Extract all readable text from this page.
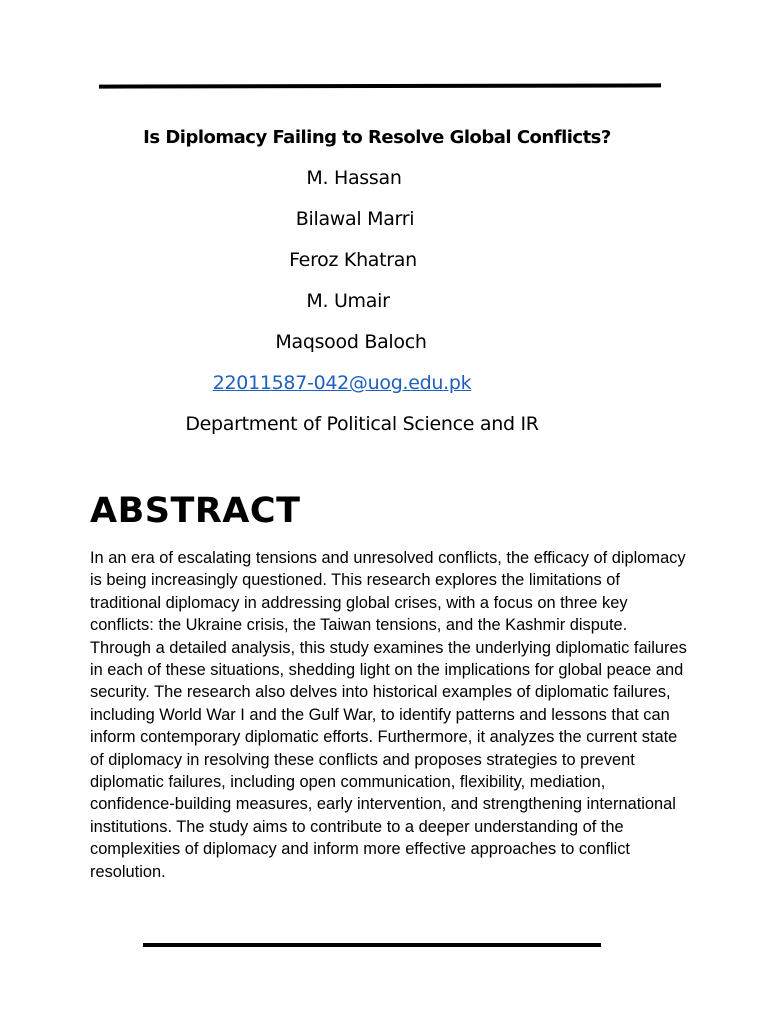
Is Diplomacy Failing to Resolve Global Conflicts?
M. Hassan
Bilawal Marri
Feroz Khatran
M. Umair
Maqsood Baloch
22011587-042@uog.edu.pk
Department of Political Science and IR
ABSTRACT

In an era of escalating tensions and unresolved conflicts, the efficacy of diplomacy is being increasingly questioned. This research explores the limitations of traditional diplomacy in addressing global crises, with a focus on three key conflicts: the Ukraine crisis, the Taiwan tensions, and the Kashmir dispute. Through a detailed analysis, this study examines the underlying diplomatic failures in each of these situations, shedding light on the implications for global peace and security. The research also delves into historical examples of diplomatic failures, including World War I and the Gulf War, to identify patterns and lessons that can inform contemporary diplomatic efforts. Furthermore, it analyzes the current state of diplomacy in resolving these conflicts and proposes strategies to prevent diplomatic failures, including open communication, flexibility, mediation, confidence-building measures, early intervention, and strengthening international institutions. The study aims to contribute to a deeper understanding of the complexities of diplomacy and inform more effective approaches to conflict resolution.
